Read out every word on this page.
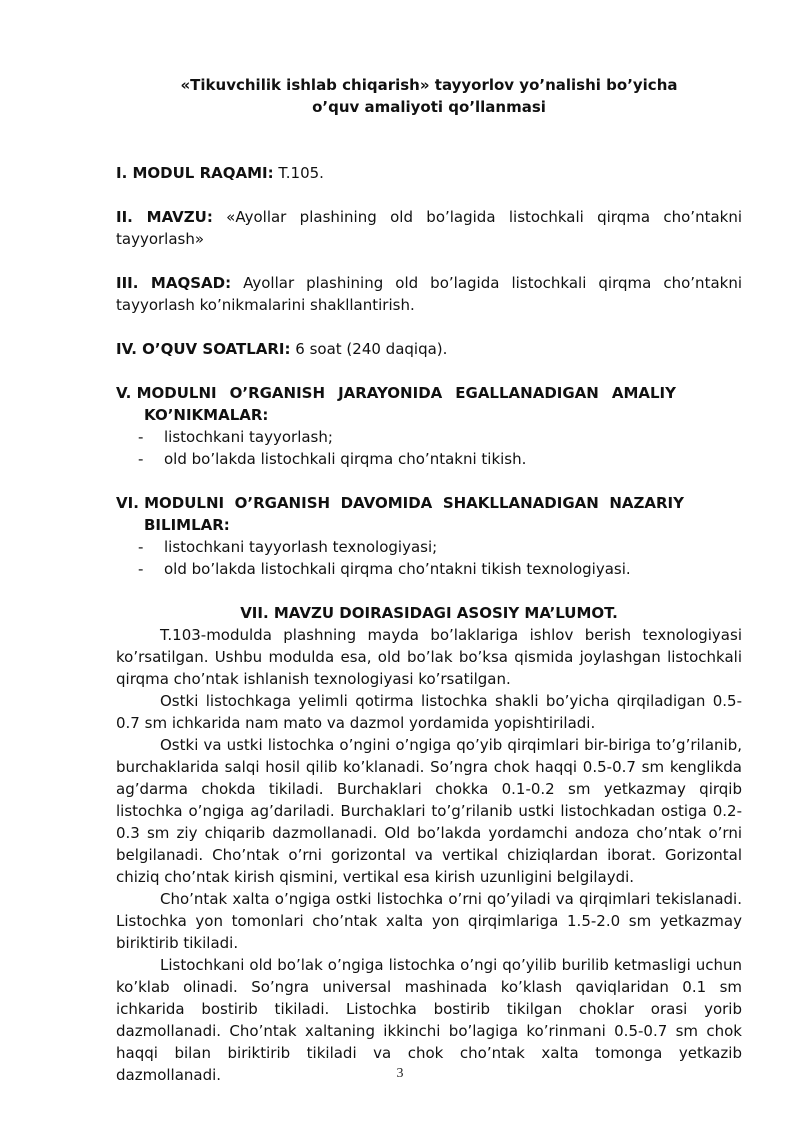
«Tikuvchilik ishlab chiqarish» tayyorlov yo’nalishi bo’yicha
o’quv amaliyoti qo’llanmasi

I. MODUL RAQAMI: T.105.

II. MAVZU: «Ayollar plashining old bo’lagida listochkali qirqma cho’ntakni tayyorlash»

III. MAQSAD: Ayollar plashining old bo’lagida listochkali qirqma cho’ntakni tayyorlash ko’nikmalarini shakllantirish.

IV. O’QUV SOATLARI: 6 soat (240 daqiqa).

V. MODULNI O’RGANISH JARAYONIDA EGALLANADIGAN AMALIY
KO’NIKMALAR:
- listochkani tayyorlash;
- old bo’lakda listochkali qirqma cho’ntakni tikish.
VI. MODULNI O’RGANISH DAVOMIDA SHAKLLANADIGAN NAZARIY
BILIMLAR:
- listochkani tayyorlash texnologiyasi;
- old bo’lakda listochkali qirqma cho’ntakni tikish texnologiyasi.

VII. MAVZU DOIRASIDAGI ASOSIY MA’LUMOT.

T.103-modulda plashning mayda bo’laklariga ishlov berish texnologiyasi ko’rsatilgan. Ushbu modulda esa, old bo’lak bo’ksa qismida joylashgan listochkali qirqma cho’ntak ishlanish texnologiyasi ko’rsatilgan.

Ostki listochkaga yelimli qotirma listochka shakli bo’yicha qirqiladigan 0.5-0.7 sm ichkarida nam mato va dazmol yordamida yopishtiriladi.

Ostki va ustki listochka o’ngini o’ngiga qo’yib qirqimlari bir-biriga to’g’rilanib, burchaklarida salqi hosil qilib ko’klanadi. So’ngra chok haqqi 0.5-0.7 sm kenglikda ag’darma chokda tikiladi. Burchaklari chokka 0.1-0.2 sm yetkazmay qirqib listochka o’ngiga ag’dariladi. Burchaklari to’g’rilanib ustki listochkadan ostiga 0.2-0.3 sm ziy chiqarib dazmollanadi. Old bo’lakda yordamchi andoza cho’ntak o’rni belgilanadi. Cho’ntak o’rni gorizontal va vertikal chiziqlardan iborat. Gorizontal chiziq cho’ntak kirish qismini, vertikal esa kirish uzunligini belgilaydi.

Cho’ntak xalta o’ngiga ostki listochka o’rni qo’yiladi va qirqimlari tekislanadi. Listochka yon tomonlari cho’ntak xalta yon qirqimlariga 1.5-2.0 sm yetkazmay biriktirib tikiladi.

Listochkani old bo’lak o’ngiga listochka o’ngi qo’yilib burilib ketmasligi uchun ko’klab olinadi. So’ngra universal mashinada ko’klash qaviqlaridan 0.1 sm ichkarida bostirib tikiladi. Listochka bostirib tikilgan choklar orasi yorib dazmollanadi. Cho’ntak xaltaning ikkinchi bo’lagiga ko’rinmani 0.5-0.7 sm chok haqqi bilan biriktirib tikiladi va chok cho’ntak xalta tomonga yetkazib dazmollanadi.	3
